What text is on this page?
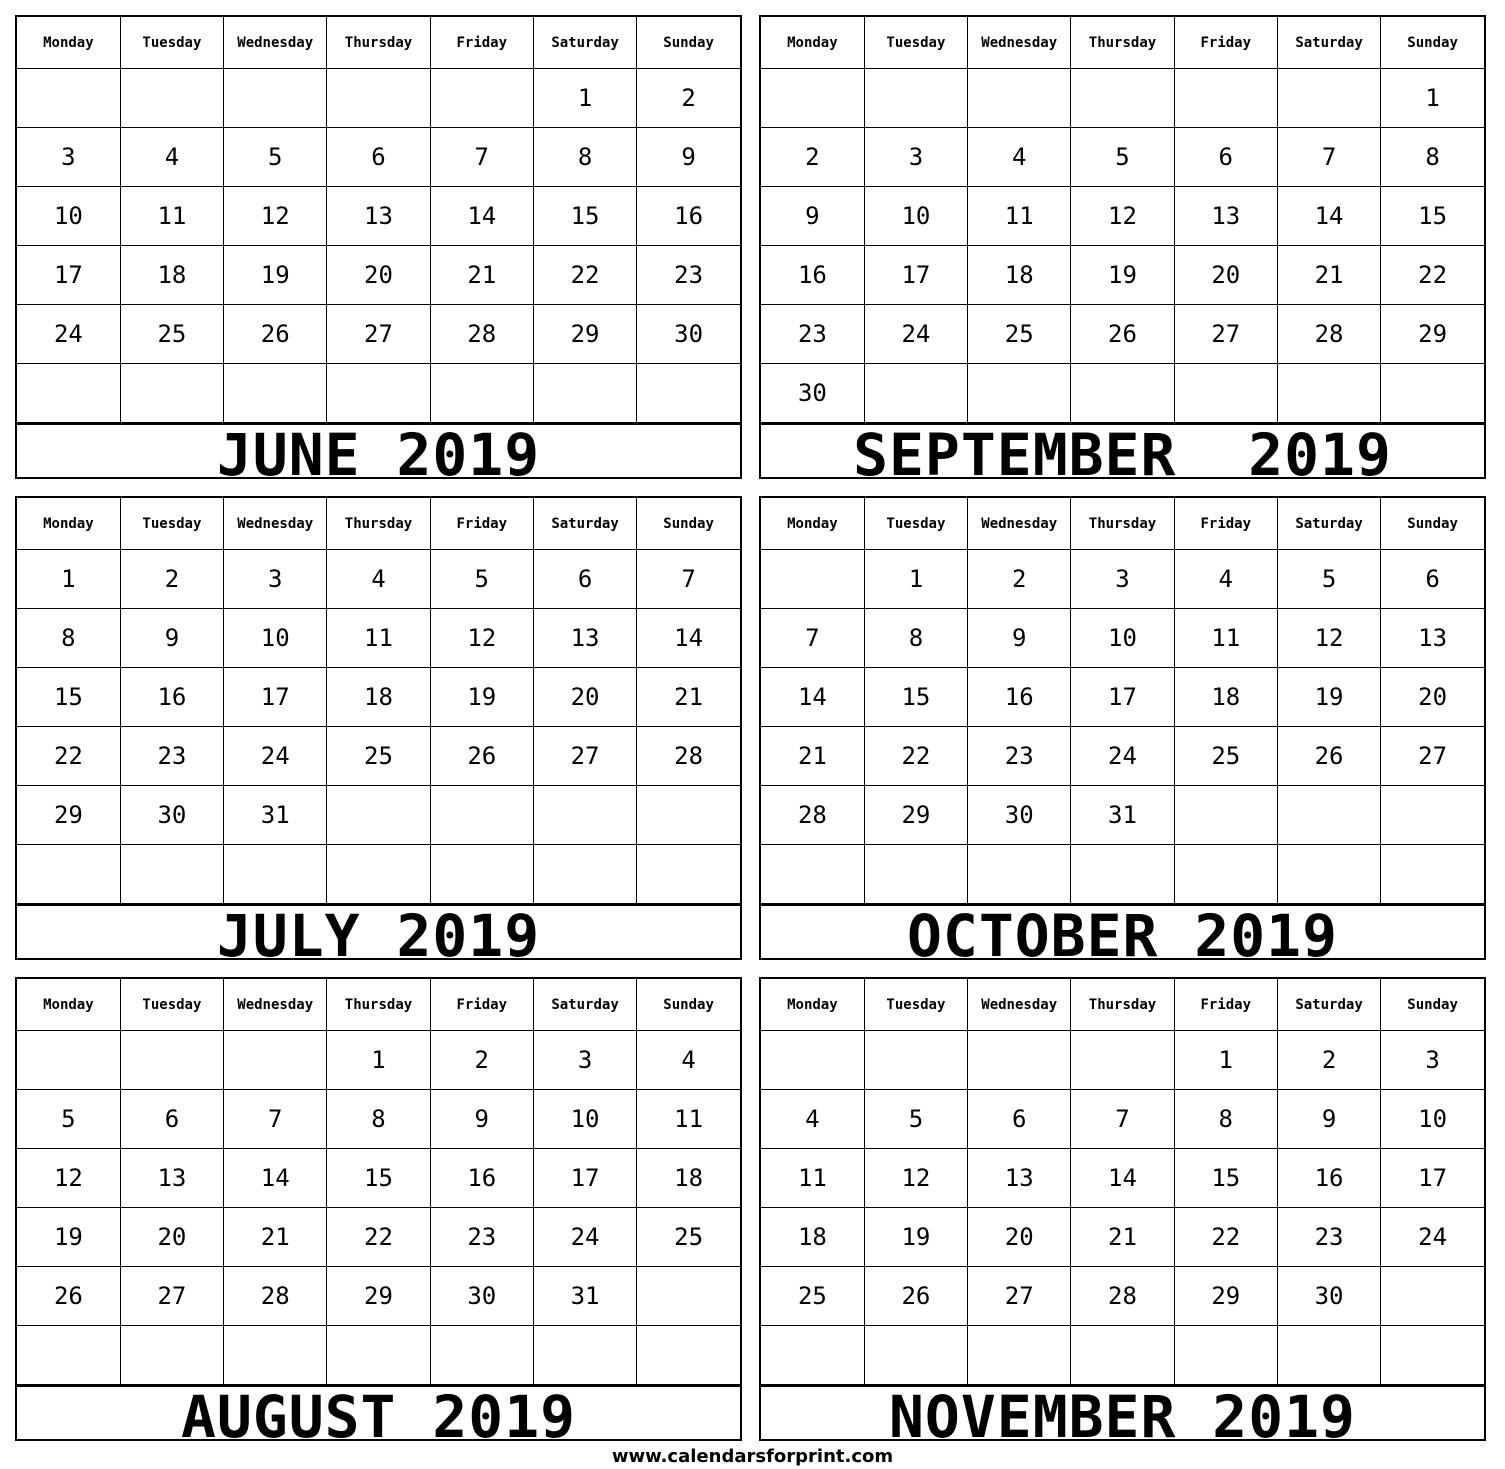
Monday	Tuesday	Wednesday	Thursday	Friday	Saturday	Sunday
					1	2
3	4	5	6	7	8	9
10	11	12	13	14	15	16
17	18	19	20	21	22	23
24	25	26	27	28	29	30

JUNE 2019
Monday	Tuesday	Wednesday	Thursday	Friday	Saturday	Sunday
						1
2	3	4	5	6	7	8
9	10	11	12	13	14	15
16	17	18	19	20	21	22
23	24	25	26	27	28	29
30						
SEPTEMBER  2019
Monday	Tuesday	Wednesday	Thursday	Friday	Saturday	Sunday
1	2	3	4	5	6	7
8	9	10	11	12	13	14
15	16	17	18	19	20	21
22	23	24	25	26	27	28
29	30	31				

JULY 2019
Monday	Tuesday	Wednesday	Thursday	Friday	Saturday	Sunday
	1	2	3	4	5	6
7	8	9	10	11	12	13
14	15	16	17	18	19	20
21	22	23	24	25	26	27
28	29	30	31			

OCTOBER 2019
Monday	Tuesday	Wednesday	Thursday	Friday	Saturday	Sunday
			1	2	3	4
5	6	7	8	9	10	11
12	13	14	15	16	17	18
19	20	21	22	23	24	25
26	27	28	29	30	31	

AUGUST 2019
Monday	Tuesday	Wednesday	Thursday	Friday	Saturday	Sunday
				1	2	3
4	5	6	7	8	9	10
11	12	13	14	15	16	17
18	19	20	21	22	23	24
25	26	27	28	29	30	

NOVEMBER 2019
www.calendarsforprint.com
